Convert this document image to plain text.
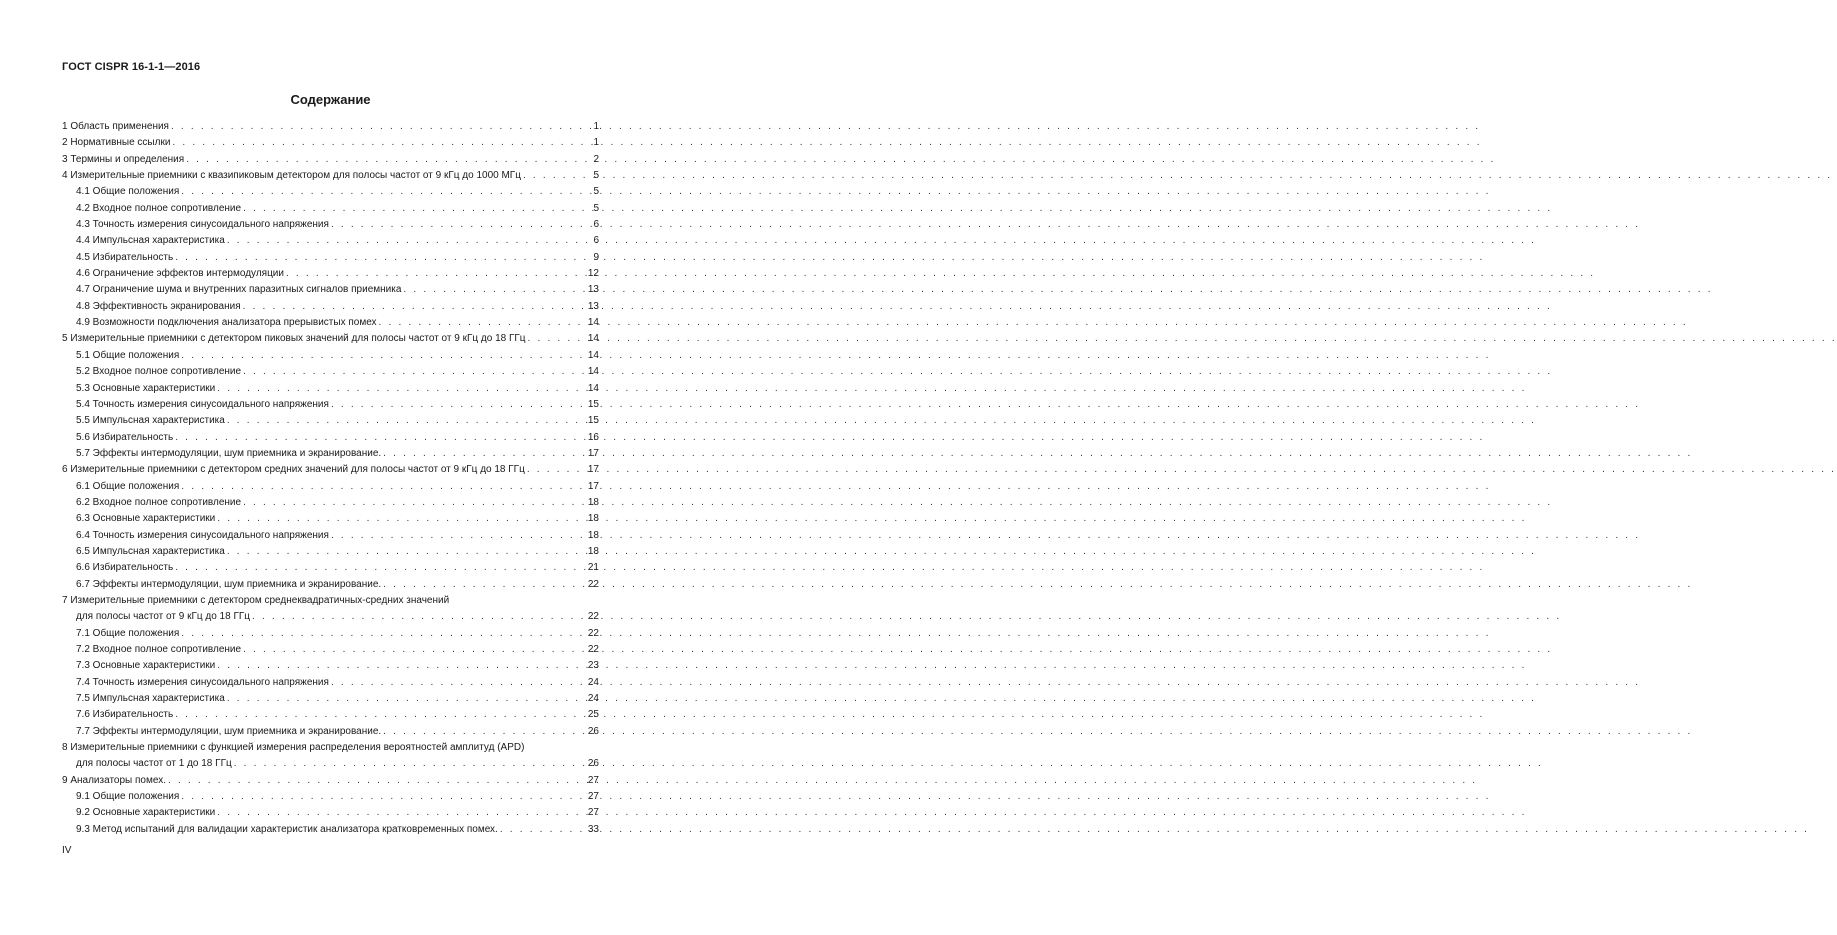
ГОСТ CISPR 16-1-1—2016
Содержание
1 Область применения . . .	1
2 Нормативные ссылки . . .	1
3 Термины и определения . . .	2
4 Измерительные приемники с квазипиковым детектором для полосы частот от 9 кГц до 1000 МГц . . .	5
4.1 Общие положения . . .	5
4.2 Входное полное сопротивление . . .	5
4.3 Точность измерения синусоидального напряжения . . .	6
4.4 Импульсная характеристика . . .	6
4.5 Избирательность . . .	9
4.6 Ограничение эффектов интермодуляции . . .	12
4.7 Ограничение шума и внутренних паразитных сигналов приемника . . .	13
4.8 Эффективность экранирования . . .	13
4.9 Возможности подключения анализатора прерывистых помех . . .	14
5 Измерительные приемники с детектором пиковых значений для полосы частот от 9 кГц до 18 ГГц . . .	14
5.1 Общие положения . . .	14
5.2 Входное полное сопротивление . . .	14
5.3 Основные характеристики . . .	14
5.4 Точность измерения синусоидального напряжения . . .	15
5.5 Импульсная характеристика . . .	15
5.6 Избирательность . . .	16
5.7 Эффекты интермодуляции, шум приемника и экранирование. . . .	17
6 Измерительные приемники с детектором средних значений для полосы частот от 9 кГц до 18 ГГц . . .	17
6.1 Общие положения . . .	17
6.2 Входное полное сопротивление . . .	18
6.3 Основные характеристики . . .	18
6.4 Точность измерения синусоидального напряжения . . .	18
6.5 Импульсная характеристика . . .	18
6.6 Избирательность . . .	21
6.7 Эффекты интермодуляции, шум приемника и экранирование. . . .	22
7 Измерительные приемники с детектором среднеквадратичных-средних значений
для полосы частот от 9 кГц до 18 ГГц . . .	22
7.1 Общие положения . . .	22
7.2 Входное полное сопротивление . . .	22
7.3 Основные характеристики . . .	23
7.4 Точность измерения синусоидального напряжения . . .	24
7.5 Импульсная характеристика . . .	24
7.6 Избирательность . . .	25
7.7 Эффекты интермодуляции, шум приемника и экранирование. . . .	26
8 Измерительные приемники с функцией измерения распределения вероятностей амплитуд (APD)
для полосы частот от 1 до 18 ГГц . . .	26
9 Анализаторы помех. . . .	27
9.1 Общие положения . . .	27
9.2 Основные характеристики . . .	27
9.3 Метод испытаний для валидации характеристик анализатора кратковременных помех. . . .	33
IV
